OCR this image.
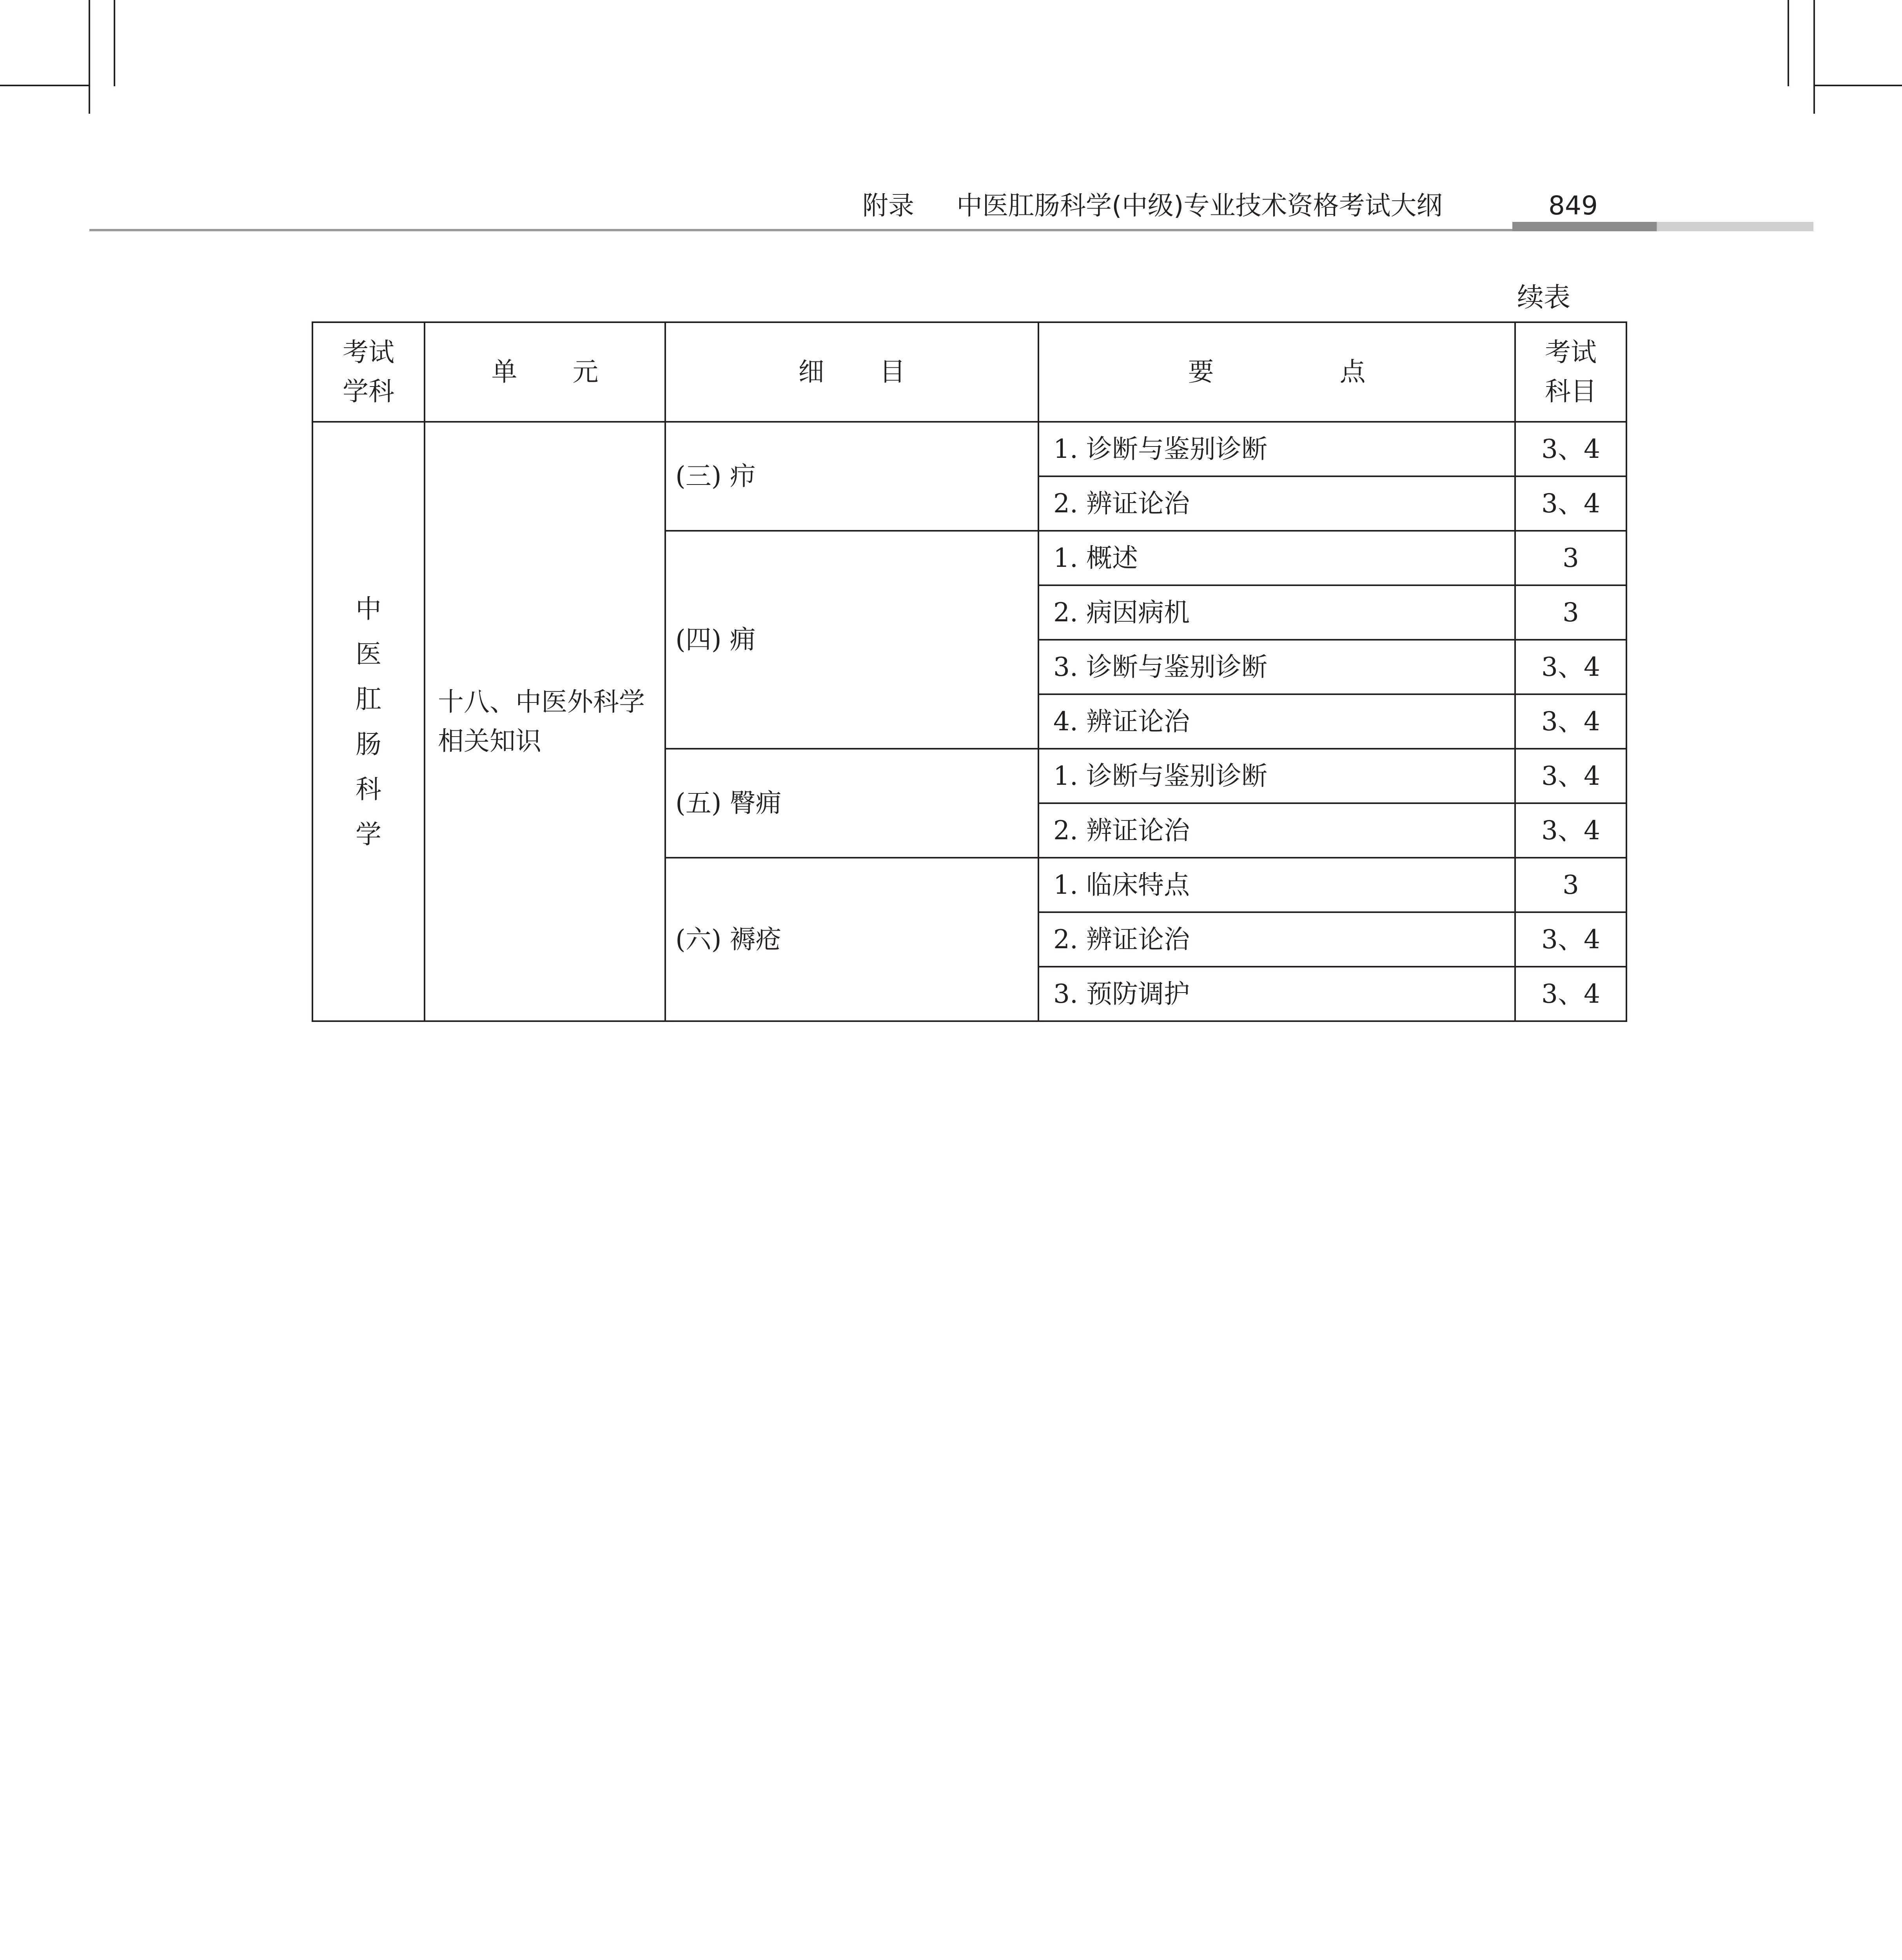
附录 中医肛肠科学(中级)专业技术资格考试大纲	849
续表
考试学科	单 元	细 目	要 点	考试科目
中医肛肠科学	十八、中医外科学相关知识	(三) 疖	1. 诊断与鉴别诊断	3、4
			2. 辨证论治	3、4
		(四) 痈	1. 概述	3
			2. 病因病机	3
			3. 诊断与鉴别诊断	3、4
			4. 辨证论治	3、4
		(五) 臀痈	1. 诊断与鉴别诊断	3、4
			2. 辨证论治	3、4
		(六) 褥疮	1. 临床特点	3
			2. 辨证论治	3、4
			3. 预防调护	3、4
